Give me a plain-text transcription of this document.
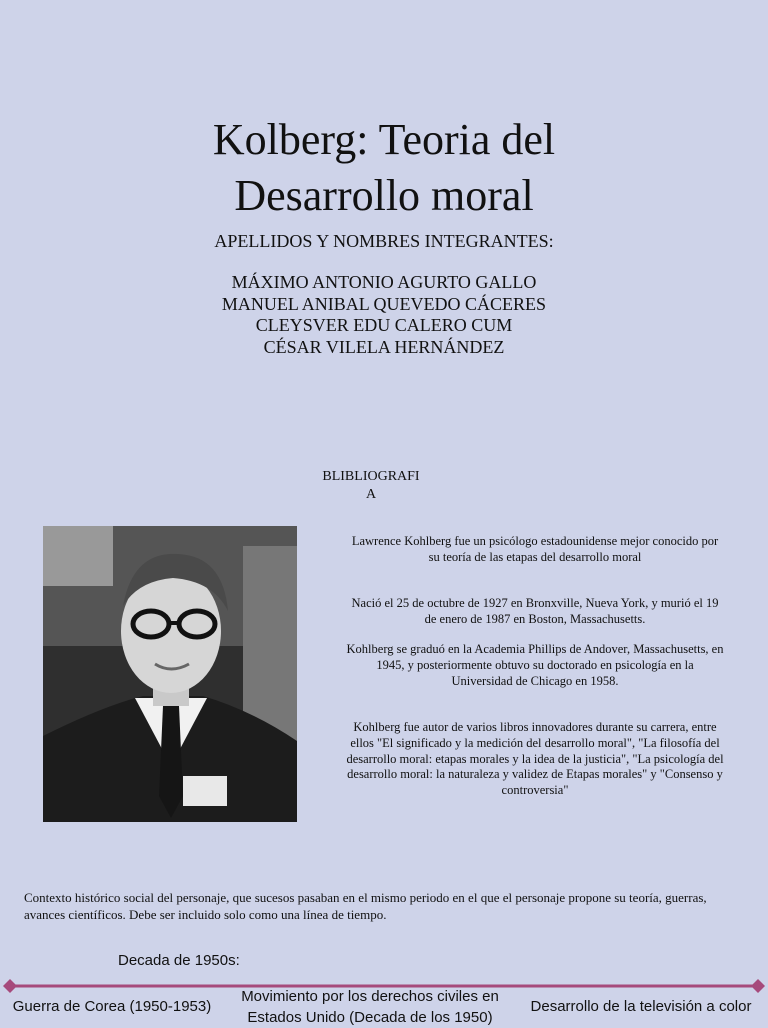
Kolberg: Teoria del
Desarrollo moral
APELLIDOS Y NOMBRES INTEGRANTES:
MÁXIMO ANTONIO AGURTO GALLO
MANUEL ANIBAL QUEVEDO CÁCERES
CLEYSVER EDU CALERO CUM
CÉSAR VILELA HERNÁNDEZ
BLIBLIOGRAFI
A
Lawrence Kohlberg fue un psicólogo estadounidense mejor conocido por su teoría de las etapas del desarrollo moral
Nació el 25 de octubre de 1927 en Bronxville, Nueva York, y murió el 19 de enero de 1987 en Boston, Massachusetts.
Kohlberg se graduó en la Academia Phillips de Andover, Massachusetts, en 1945, y posteriormente obtuvo su doctorado en psicología en la Universidad de Chicago en 1958.
Kohlberg fue autor de varios libros innovadores durante su carrera, entre ellos "El significado y la medición del desarrollo moral", "La filosofía del desarrollo moral: etapas morales y la idea de la justicia", "La psicología del desarrollo moral: la naturaleza y validez de Etapas morales" y "Consenso y controversia"
Contexto histórico social del personaje, que sucesos pasaban en el mismo periodo en el que el personaje propone su teoría, guerras, avances científicos. Debe ser incluido solo como una línea de tiempo.
Decada de 1950s:
Guerra de Corea (1950-1953)
Movimiento por los derechos civiles en Estados Unido (Decada de los 1950)
Desarrollo de la televisión a color
